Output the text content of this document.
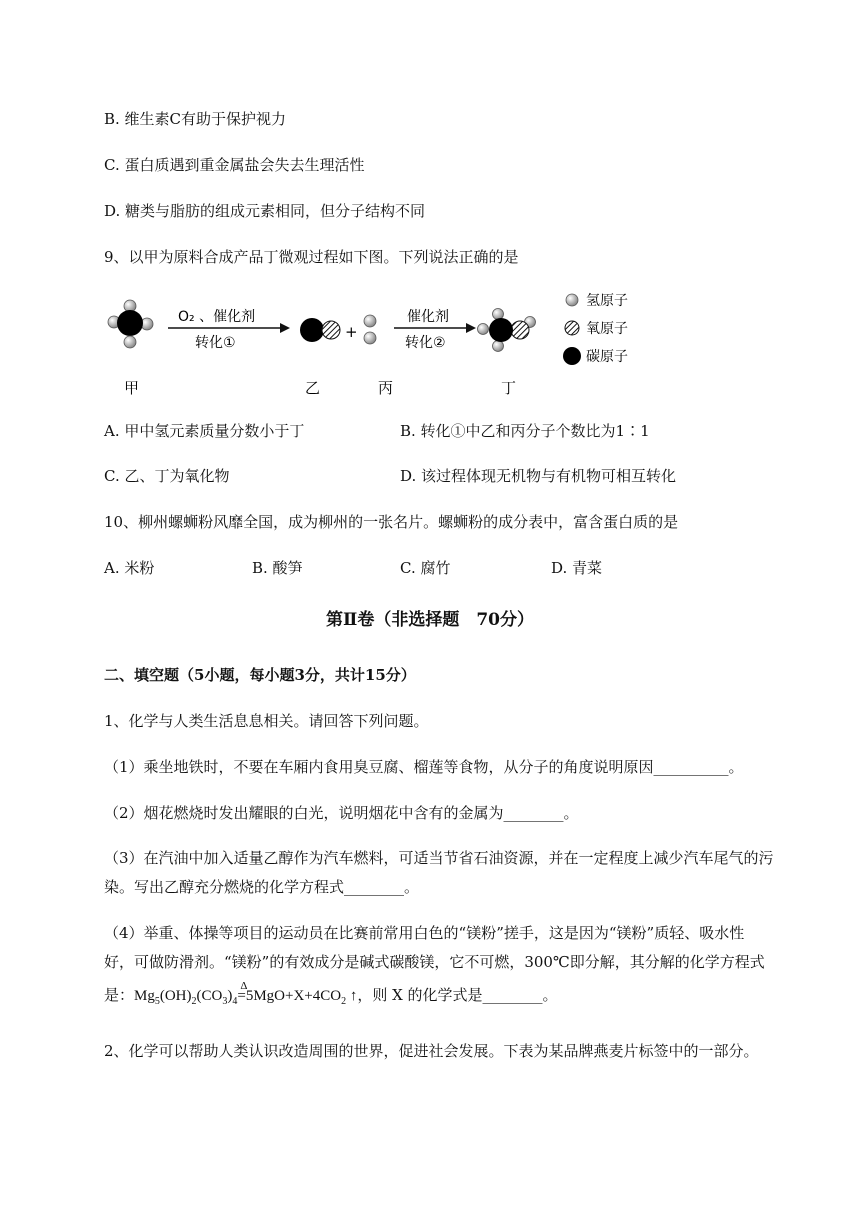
B. 维生素C有助于保护视力
C. 蛋白质遇到重金属盐会失去生理活性
D. 糖类与脂肪的组成元素相同，但分子结构不同
9、以甲为原料合成产品丁微观过程如下图。下列说法正确的是
O₂ 、催化剂
转化①
+
催化剂
转化②
甲	乙	丙	丁
氢原子
氧原子
碳原子
A. 甲中氢元素质量分数小于丁	B. 转化①中乙和丙分子个数比为1∶1
C. 乙、丁为氧化物	D. 该过程体现无机物与有机物可相互转化
10、柳州螺蛳粉风靡全国，成为柳州的一张名片。螺蛳粉的成分表中，富含蛋白质的是
A. 米粉	B. 酸笋	C. 腐竹	D. 青菜
第Ⅱ卷（非选择题　70分）
二、填空题（5小题，每小题3分，共计15分）
1、化学与人类生活息息相关。请回答下列问题。
（1）乘坐地铁时，不要在车厢内食用臭豆腐、榴莲等食物，从分子的角度说明原因__________。
（2）烟花燃烧时发出耀眼的白光，说明烟花中含有的金属为________。
（3）在汽油中加入适量乙醇作为汽车燃料，可适当节省石油资源，并在一定程度上减少汽车尾气的污
染。写出乙醇充分燃烧的化学方程式________。
（4）举重、体操等项目的运动员在比赛前常用白色的“镁粉”搓手，这是因为“镁粉”质轻、吸水性
好，可做防滑剂。“镁粉”的有效成分是碱式碳酸镁，它不可燃，300℃即分解，其分解的化学方程式
是：$Mg_5(OH)_2(CO_3)_4$
Δ
$=5MgO+X+4CO_2$ ↑，则 X 的化学式是________。
2、化学可以帮助人类认识改造周围的世界，促进社会发展。下表为某品牌燕麦片标签中的一部分。
